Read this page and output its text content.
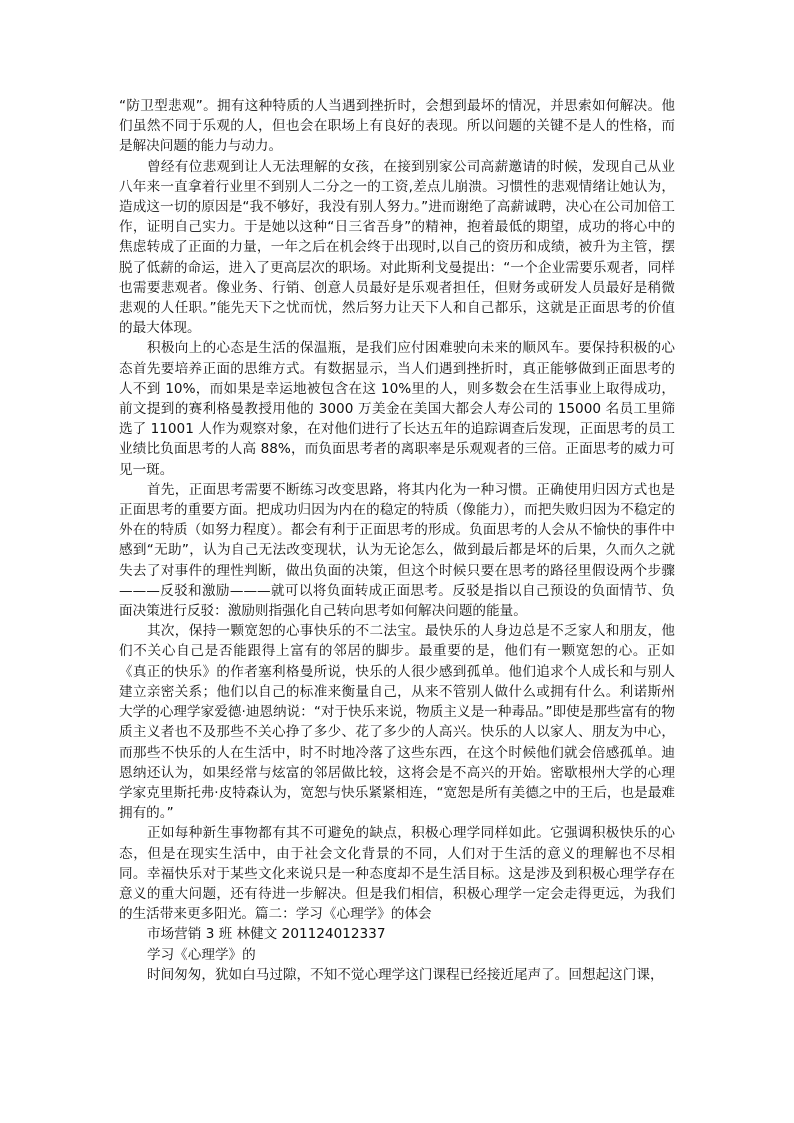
“防卫型悲观”。拥有这种特质的人当遇到挫折时，会想到最坏的情况，并思索如何解决。他们虽然不同于乐观的人，但也会在职场上有良好的表现。所以问题的关键不是人的性格，而是解决问题的能力与动力。

曾经有位悲观到让人无法理解的女孩，在接到别家公司高薪邀请的时候，发现自己从业八年来一直拿着行业里不到别人二分之一的工资,差点儿崩溃。习惯性的悲观情绪让她认为，造成这一切的原因是“我不够好，我没有别人努力。”进而谢绝了高薪诚聘，决心在公司加倍工作，证明自己实力。于是她以这种“日三省吾身”的精神，抱着最低的期望，成功的将心中的焦虑转成了正面的力量，一年之后在机会终于出现时,以自己的资历和成绩，被升为主管，摆脱了低薪的命运，进入了更高层次的职场。对此斯利戈曼提出：“一个企业需要乐观者，同样也需要悲观者。像业务、行销、创意人员最好是乐观者担任，但财务或研发人员最好是稍微悲观的人任职。”能先天下之忧而忧，然后努力让天下人和自己都乐，这就是正面思考的价值的最大体现。

积极向上的心态是生活的保温瓶，是我们应付困难驶向未来的顺风车。要保持积极的心态首先要培养正面的思维方式。有数据显示，当人们遇到挫折时，真正能够做到正面思考的人不到 10%，而如果是幸运地被包含在这 10%里的人，则多数会在生活事业上取得成功，前文提到的赛利格曼教授用他的 3000 万美金在美国大都会人寿公司的 15000 名员工里筛选了 11001 人作为观察对象，在对他们进行了长达五年的追踪调查后发现，正面思考的员工业绩比负面思考的人高 88%，而负面思考者的离职率是乐观观者的三倍。正面思考的威力可见一斑。

首先，正面思考需要不断练习改变思路，将其内化为一种习惯。正确使用归因方式也是正面思考的重要方面。把成功归因为内在的稳定的特质（像能力），而把失败归因为不稳定的外在的特质（如努力程度）。都会有利于正面思考的形成。负面思考的人会从不愉快的事件中感到“无助”，认为自己无法改变现状，认为无论怎么，做到最后都是坏的后果，久而久之就失去了对事件的理性判断，做出负面的决策，但这个时候只要在思考的路径里假设两个步骤———反驳和激励———就可以将负面转成正面思考。反驳是指以自己预设的负面情节、负面决策进行反驳：激励则指强化自己转向思考如何解决问题的能量。

其次，保持一颗宽恕的心事快乐的不二法宝。最快乐的人身边总是不乏家人和朋友，他们不关心自己是否能跟得上富有的邻居的脚步。最重要的是，他们有一颗宽恕的心。正如《真正的快乐》的作者塞利格曼所说，快乐的人很少感到孤单。他们追求个人成长和与别人建立亲密关系；他们以自己的标准来衡量自己，从来不管别人做什么或拥有什么。利诺斯州大学的心理学家爱德·迪恩纳说：“对于快乐来说，物质主义是一种毒品。”即使是那些富有的物质主义者也不及那些不关心挣了多少、花了多少的人高兴。快乐的人以家人、朋友为中心，而那些不快乐的人在生活中，时不时地冷落了这些东西，在这个时候他们就会倍感孤单。迪恩纳还认为，如果经常与炫富的邻居做比较，这将会是不高兴的开始。密歇根州大学的心理学家克里斯托弗·皮特森认为，宽恕与快乐紧紧相连，“宽恕是所有美德之中的王后，也是最难拥有的。”

正如每种新生事物都有其不可避免的缺点，积极心理学同样如此。它强调积极快乐的心态，但是在现实生活中，由于社会文化背景的不同，人们对于生活的意义的理解也不尽相同。幸福快乐对于某些文化来说只是一种态度却不是生活目标。这是涉及到积极心理学存在意义的重大问题，还有待进一步解决。但是我们相信，积极心理学一定会走得更远，为我们的生活带来更多阳光。篇二：学习《心理学》的体会

市场营销 3 班 林健文 201124012337

学习《心理学》的

时间匆匆，犹如白马过隙，不知不觉心理学这门课程已经接近尾声了。回想起这门课，
